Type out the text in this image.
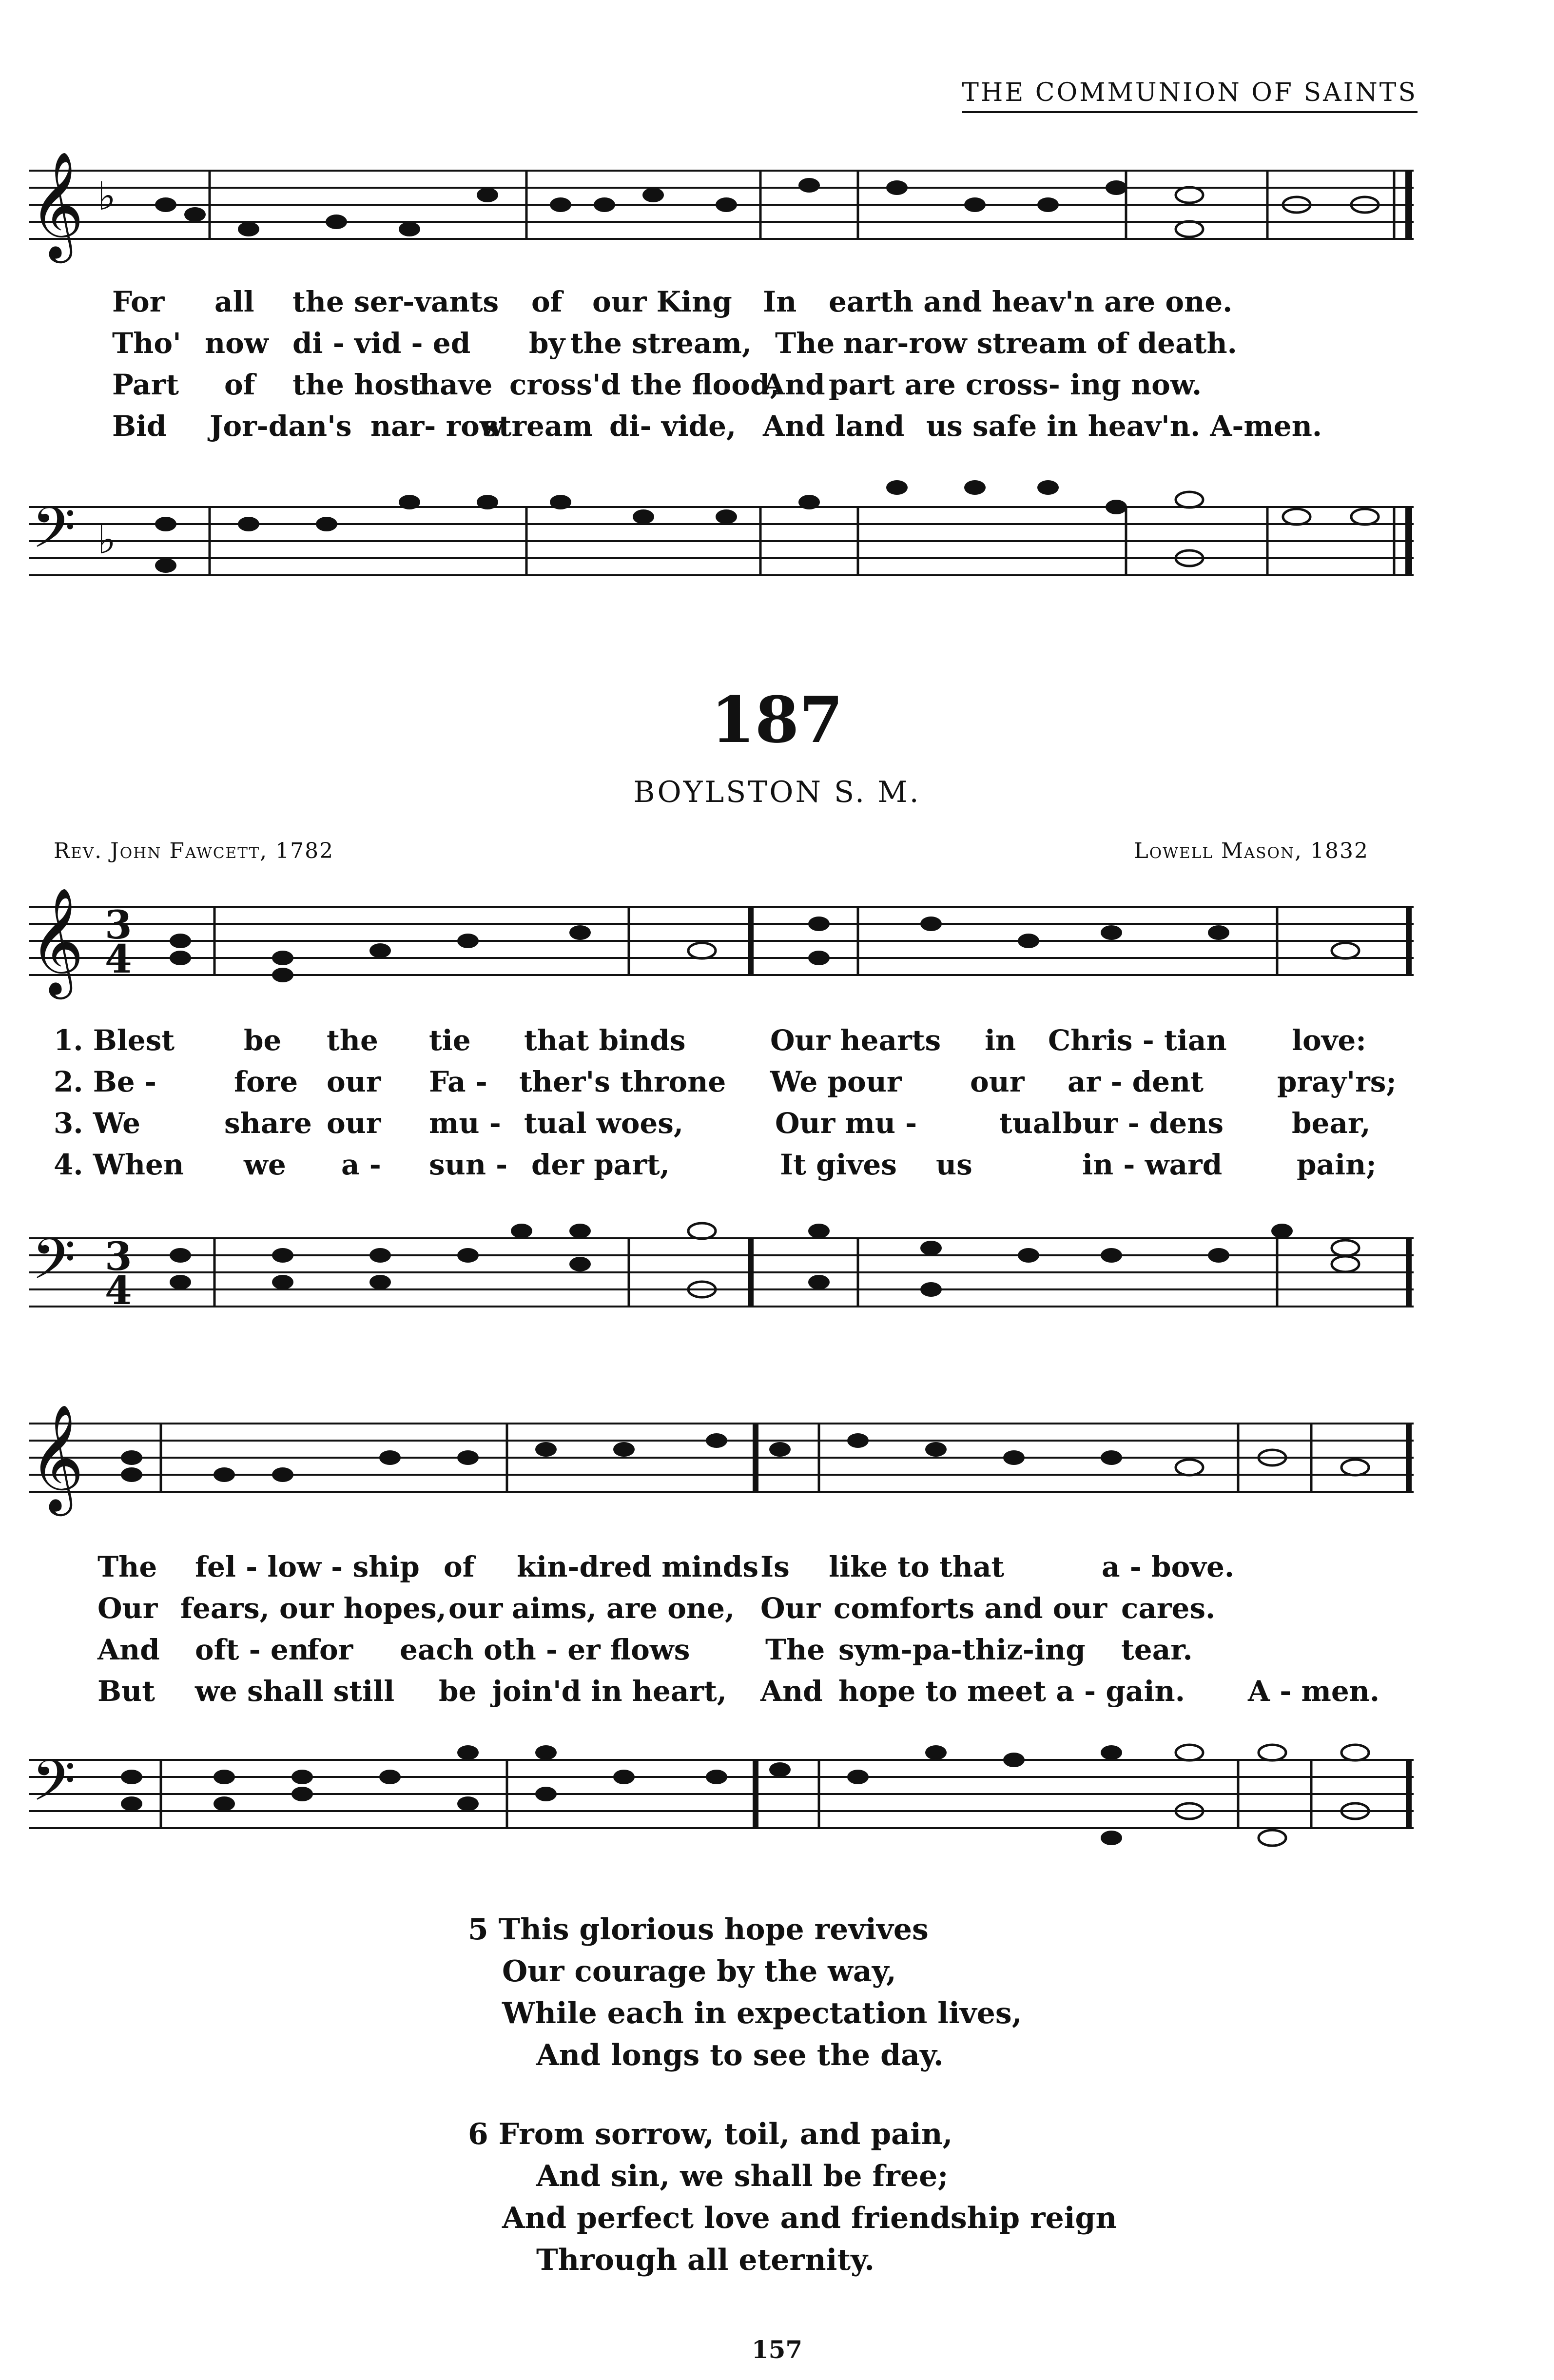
THE COMMUNION OF SAINTS
𝄞 ♭
For all the ser-vants of our King In earth and heav'n are one.
Tho' now di - vid - ed by the stream, The nar-row stream of death.
Part of the host
have cross'd the flood,
And part are cross- ing now.
Bid Jor-dan's nar- row
stream di- vide, And land us safe in heav'n. A-men.
𝄢 ♭
187
BOYLSTON S. M.
Rev. John Fawcett, 1782	Lowell Mason, 1832
𝄞 3
4
1. Blest be the tie that binds	Our hearts in Chris - tian love:
2. Be -	fore our Fa - ther's throne We pour our ar - dent	pray'rs;
3. We	share our mu - tual woes,	Our mu -	tual bur - dens bear,
4. When we a - sun - der part,	It gives us	in - ward	pain;
𝄢 3
4
𝄞
The fel - low - ship of kin-dred minds Is like to that	a - bove.
Our fears, our hopes, our aims, are one, Our comforts and our cares.
And oft - en
for each oth - er flows	The sym-pa-thiz-ing tear.
But we shall still be join'd in heart, And hope to meet a - gain. A - men.
𝄢
5 This glorious hope revives
Our courage by the way,
While each in expectation lives,
And longs to see the day.
6 From sorrow, toil, and pain,
And sin, we shall be free;
And perfect love and friendship reign
Through all eternity.
157
